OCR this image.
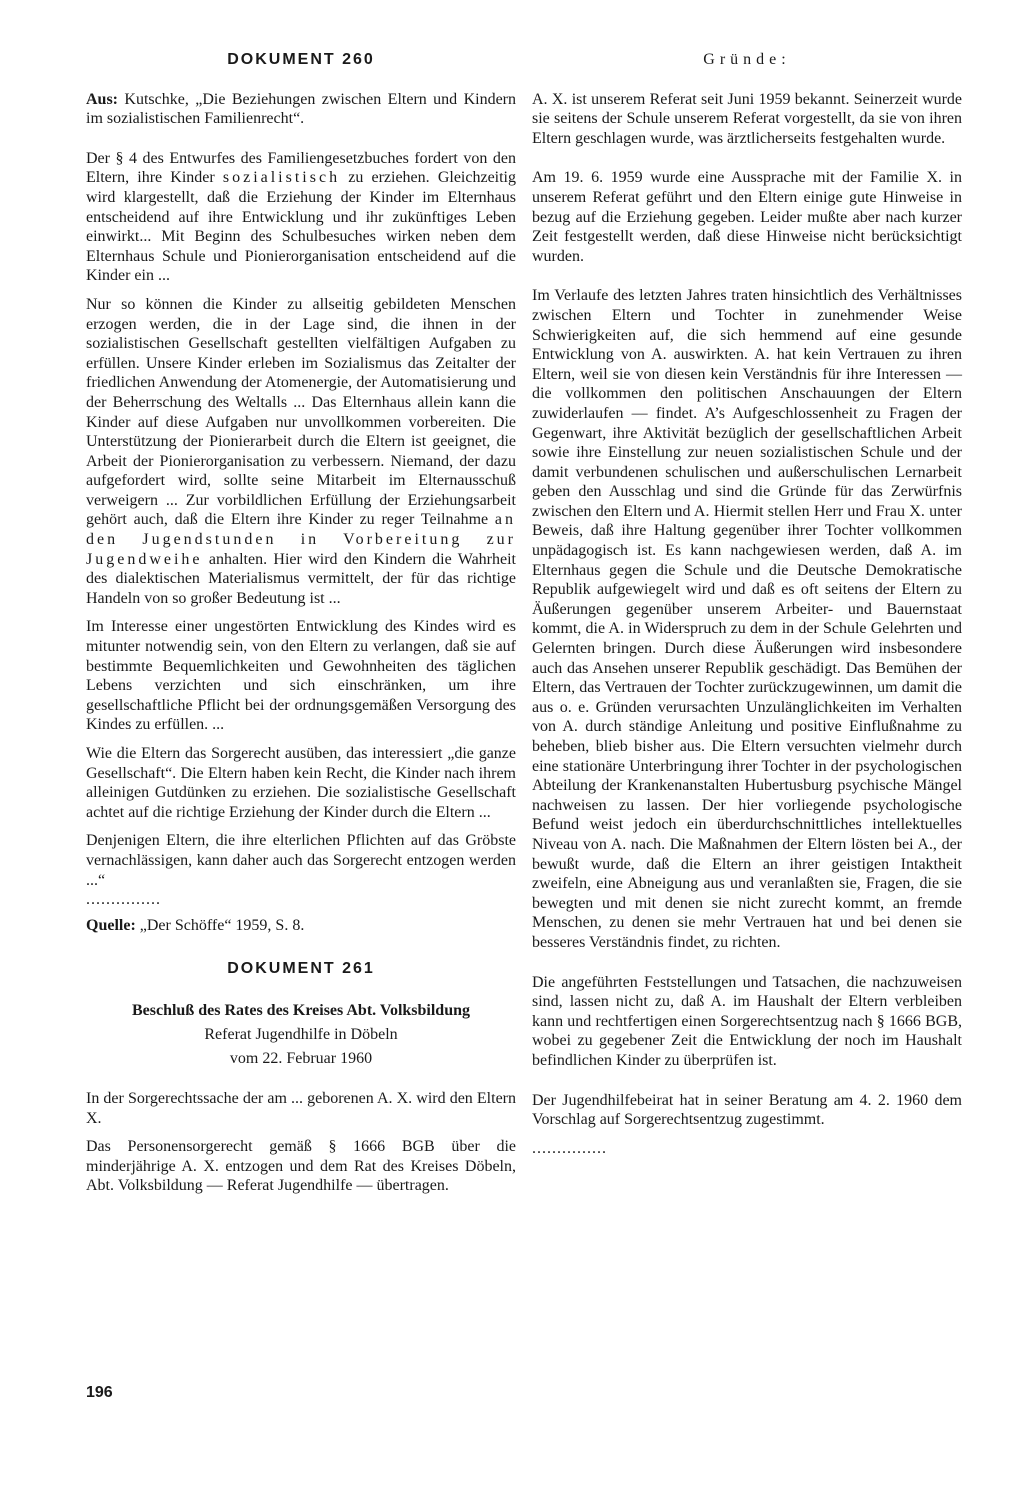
DOKUMENT 260

Aus: Kutschke, „Die Beziehungen zwischen Eltern und Kindern im sozialistischen Familienrecht“.

Der § 4 des Entwurfes des Familiengesetzbuches fordert von den Eltern, ihre Kinder sozialistisch zu erziehen. Gleichzeitig wird klargestellt, daß die Erziehung der Kinder im Elternhaus entscheidend auf ihre Entwicklung und ihr zukünftiges Leben einwirkt... Mit Beginn des Schulbesuches wirken neben dem Elternhaus Schule und Pionierorganisation entscheidend auf die Kinder ein ...

Nur so können die Kinder zu allseitig gebildeten Menschen erzogen werden, die in der Lage sind, die ihnen in der sozialistischen Gesellschaft gestellten vielfältigen Aufgaben zu erfüllen. Unsere Kinder erleben im Sozialismus das Zeitalter der friedlichen Anwendung der Atomenergie, der Automatisierung und der Beherrschung des Weltalls ... Das Elternhaus allein kann die Kinder auf diese Aufgaben nur unvollkommen vorbereiten. Die Unterstützung der Pionierarbeit durch die Eltern ist geeignet, die Arbeit der Pionierorganisation zu verbessern. Niemand, der dazu aufgefordert wird, sollte seine Mitarbeit im Elternausschuß verweigern ... Zur vorbildlichen Erfüllung der Erziehungsarbeit gehört auch, daß die Eltern ihre Kinder zu reger Teilnahme an den Jugendstunden in Vorbereitung zur Jugendweihe anhalten. Hier wird den Kindern die Wahrheit des dialektischen Materialismus vermittelt, der für das richtige Handeln von so großer Bedeutung ist ...

Im Interesse einer ungestörten Entwicklung des Kindes wird es mitunter notwendig sein, von den Eltern zu verlangen, daß sie auf bestimmte Bequemlichkeiten und Gewohnheiten des täglichen Lebens verzichten und sich einschränken, um ihre gesellschaftliche Pflicht bei der ordnungsgemäßen Versorgung des Kindes zu erfüllen. ...

Wie die Eltern das Sorgerecht ausüben, das interessiert „die ganze Gesellschaft“. Die Eltern haben kein Recht, die Kinder nach ihrem alleinigen Gutdünken zu erziehen. Die sozialistische Gesellschaft achtet auf die richtige Erziehung der Kinder durch die Eltern ...

Denjenigen Eltern, die ihre elterlichen Pflichten auf das Gröbste vernachlässigen, kann daher auch das Sorgerecht entzogen werden ...“

...............

Quelle: „Der Schöffe“ 1959, S. 8.

DOKUMENT 261
Beschluß des Rates des Kreises Abt. Volksbildung
Referat Jugendhilfe in Döbeln
vom 22. Februar 1960

In der Sorgerechtssache der am ... geborenen A. X. wird den Eltern X.

Das Personensorgerecht gemäß § 1666 BGB über die minderjährige A. X. entzogen und dem Rat des Kreises Döbeln, Abt. Volksbildung — Referat Jugendhilfe — übertragen.

Gründe:

A. X. ist unserem Referat seit Juni 1959 bekannt. Seinerzeit wurde sie seitens der Schule unserem Referat vorgestellt, da sie von ihren Eltern geschlagen wurde, was ärztlicherseits festgehalten wurde.

Am 19. 6. 1959 wurde eine Aussprache mit der Familie X. in unserem Referat geführt und den Eltern einige gute Hinweise in bezug auf die Erziehung gegeben. Leider mußte aber nach kurzer Zeit festgestellt werden, daß diese Hinweise nicht berücksichtigt wurden.

Im Verlaufe des letzten Jahres traten hinsichtlich des Verhältnisses zwischen Eltern und Tochter in zunehmender Weise Schwierigkeiten auf, die sich hemmend auf eine gesunde Entwicklung von A. auswirkten. A. hat kein Vertrauen zu ihren Eltern, weil sie von diesen kein Verständnis für ihre Interessen — die vollkommen den politischen Anschauungen der Eltern zuwiderlaufen — findet. A’s Aufgeschlossenheit zu Fragen der Gegenwart, ihre Aktivität bezüglich der gesellschaftlichen Arbeit sowie ihre Einstellung zur neuen sozialistischen Schule und der damit verbundenen schulischen und außerschulischen Lernarbeit geben den Ausschlag und sind die Gründe für das Zerwürfnis zwischen den Eltern und A. Hiermit stellen Herr und Frau X. unter Beweis, daß ihre Haltung gegenüber ihrer Tochter vollkommen unpädagogisch ist. Es kann nachgewiesen werden, daß A. im Elternhaus gegen die Schule und die Deutsche Demokratische Republik aufgewiegelt wird und daß es oft seitens der Eltern zu Äußerungen gegenüber unserem Arbeiter- und Bauernstaat kommt, die A. in Widerspruch zu dem in der Schule Gelehrten und Gelernten bringen. Durch diese Äußerungen wird insbesondere auch das Ansehen unserer Republik geschädigt. Das Bemühen der Eltern, das Vertrauen der Tochter zurückzugewinnen, um damit die aus o. e. Gründen verursachten Unzulänglichkeiten im Verhalten von A. durch ständige Anleitung und positive Einflußnahme zu beheben, blieb bisher aus. Die Eltern versuchten vielmehr durch eine stationäre Unterbringung ihrer Tochter in der psychologischen Abteilung der Krankenanstalten Hubertusburg psychische Mängel nachweisen zu lassen. Der hier vorliegende psychologische Befund weist jedoch ein überdurchschnittliches intellektuelles Niveau von A. nach. Die Maßnahmen der Eltern lösten bei A., der bewußt wurde, daß die Eltern an ihrer geistigen Intaktheit zweifeln, eine Abneigung aus und veranlaßten sie, Fragen, die sie bewegten und mit denen sie nicht zurecht kommt, an fremde Menschen, zu denen sie mehr Vertrauen hat und bei denen sie besseres Verständnis findet, zu richten.

Die angeführten Feststellungen und Tatsachen, die nachzuweisen sind, lassen nicht zu, daß A. im Haushalt der Eltern verbleiben kann und rechtfertigen einen Sorgerechtsentzug nach § 1666 BGB, wobei zu gegebener Zeit die Entwicklung der noch im Haushalt befindlichen Kinder zu überprüfen ist.

Der Jugendhilfebeirat hat in seiner Beratung am 4. 2. 1960 dem Vorschlag auf Sorgerechtsentzug zugestimmt.

...............
196
